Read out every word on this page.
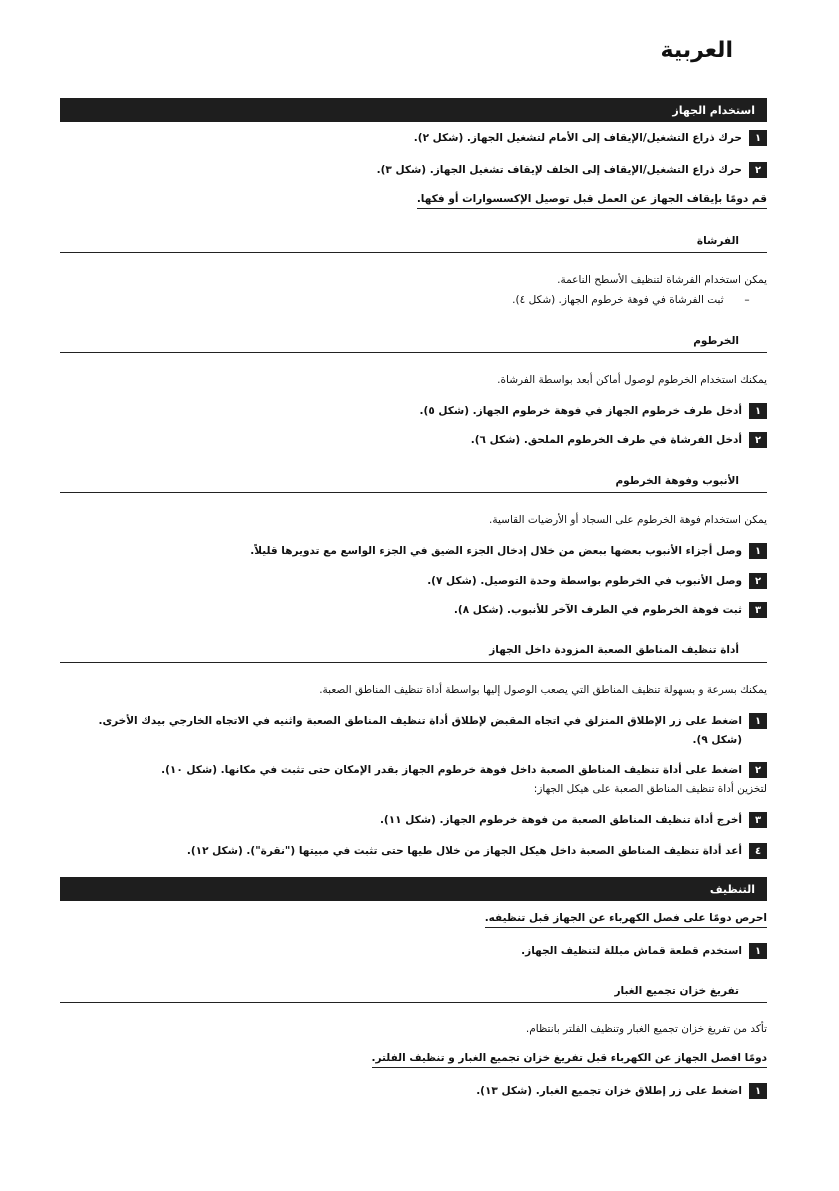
العربية
استخدام الجهاز
١
حرك ذراع التشغيل/الإيقاف إلى الأمام لتشغيل الجهاز. (شكل ٢).
٢
حرك ذراع التشغيل/الإيقاف إلى الخلف لإيقاف تشغيل الجهاز. (شكل ٣).
قم دومًا بإيقاف الجهاز عن العمل قبل توصيل الإكسسوارات أو فكها.
الفرشاة
يمكن استخدام الفرشاة لتنظيف الأسطح الناعمة.
– ثبت الفرشاة في فوهة خرطوم الجهاز. (شكل ٤).
الخرطوم
يمكنك استخدام الخرطوم لوصول أماكن أبعد بواسطة الفرشاة.
١
أدخل طرف خرطوم الجهاز في فوهة خرطوم الجهاز. (شكل ٥).
٢
أدخل الفرشاة في طرف الخرطوم الملحق. (شكل ٦).
الأنبوب وفوهة الخرطوم
يمكن استخدام فوهة الخرطوم على السجاد أو الأرضيات القاسية.
١
وصل أجزاء الأنبوب بعضها ببعض من خلال إدخال الجزء الضيق في الجزء الواسع مع تدويرها قليلاً.
٢
وصل الأنبوب في الخرطوم بواسطة وحدة التوصيل. (شكل ٧).
٣
ثبت فوهة الخرطوم في الطرف الآخر للأنبوب. (شكل ٨).
أداة تنظيف المناطق الصعبة المزودة داخل الجهاز
يمكنك بسرعة و بسهولة تنظيف المناطق التي يصعب الوصول إليها بواسطة أداة تنظيف المناطق الصعبة.
١
اضغط على زر الإطلاق المنزلق في اتجاه المقبض لإطلاق أداة تنظيف المناطق الصعبة واثنيه في الاتجاه الخارجي بيدك الأخرى.
(شكل ٩).
٢
اضغط على أداة تنظيف المناطق الصعبة داخل فوهة خرطوم الجهاز بقدر الإمكان حتى تثبت في مكانها. (شكل ١٠).
لتخزين أداة تنظيف المناطق الصعبة على هيكل الجهاز:
٣
أخرج أداة تنظيف المناطق الصعبة من فوهة خرطوم الجهاز. (شكل ١١).
٤
أعد أداة تنظيف المناطق الصعبة داخل هيكل الجهاز من خلال طيها حتى تثبت في مبيتها ("نقرة"). (شكل ١٢).
التنظيف
احرص دومًا على فصل الكهرباء عن الجهاز قبل تنظيفه.
١
استخدم قطعة قماش مبللة لتنظيف الجهاز.
تفريغ خزان تجميع الغبار
تأكد من تفريغ خزان تجميع الغبار وتنظيف الفلتر بانتظام.
دومًا افصل الجهاز عن الكهرباء قبل تفريغ خزان تجميع الغبار و تنظيف الفلتر.
١
اضغط على زر إطلاق خزان تجميع الغبار. (شكل ١٣).
